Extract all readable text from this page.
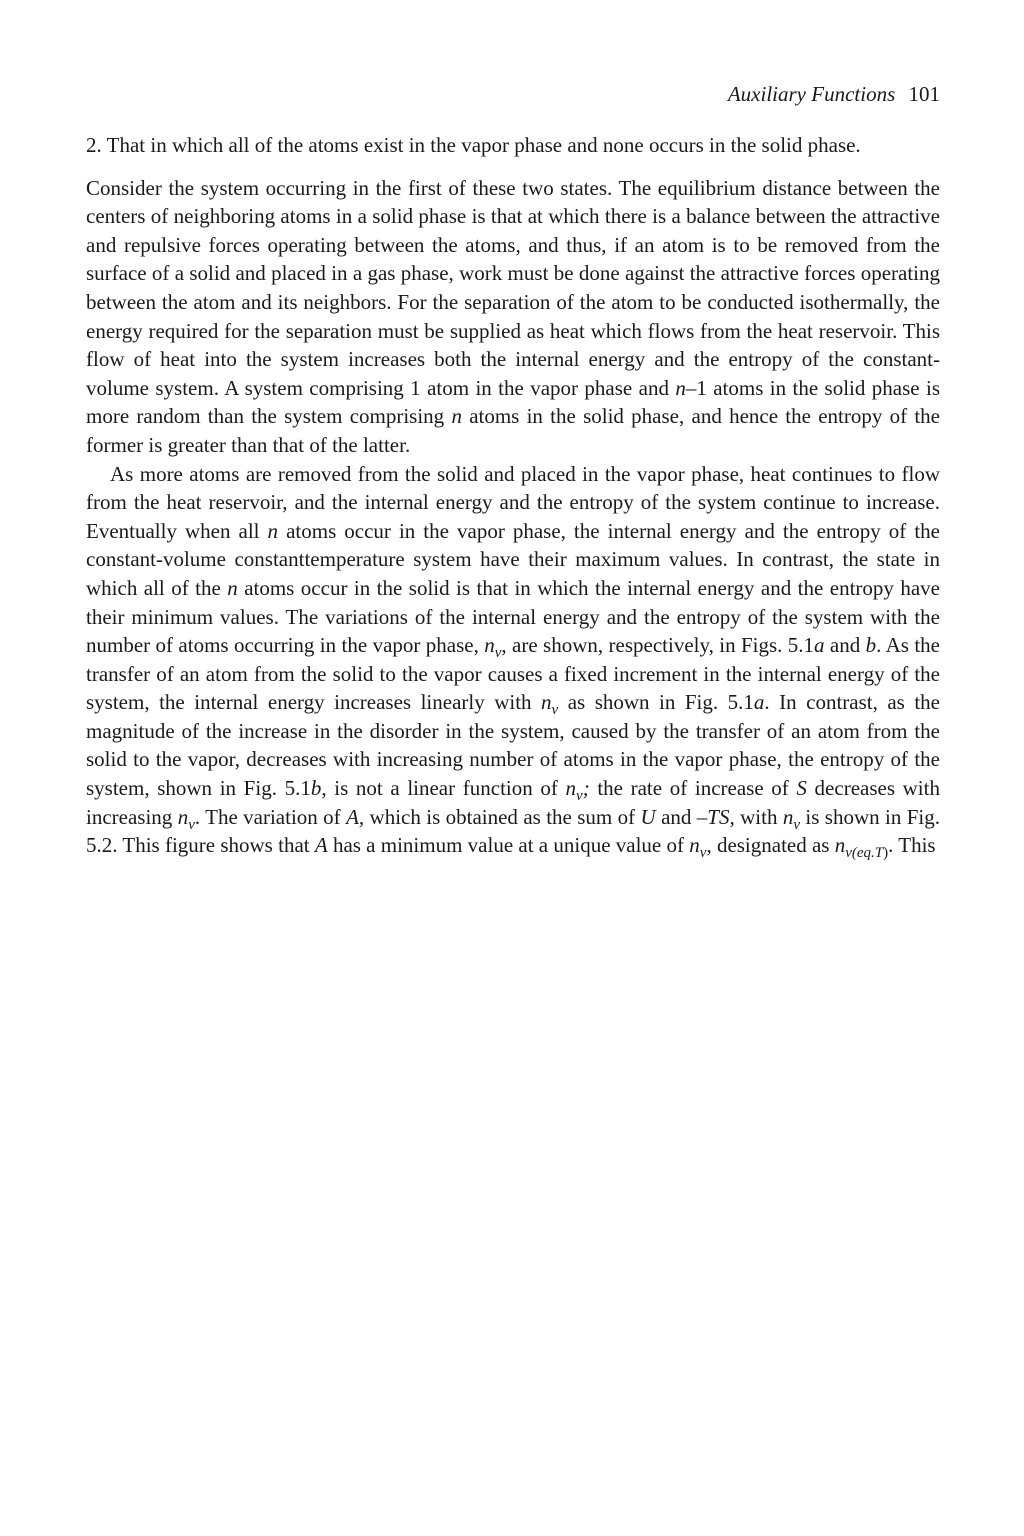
Auxiliary Functions 101

2. That in which all of the atoms exist in the vapor phase and none occurs in the solid phase.

Consider the system occurring in the first of these two states. The equilibrium distance between the centers of neighboring atoms in a solid phase is that at which there is a balance between the attractive and repulsive forces operating between the atoms, and thus, if an atom is to be removed from the surface of a solid and placed in a gas phase, work must be done against the attractive forces operating between the atom and its neighbors. For the separation of the atom to be conducted isothermally, the energy required for the separation must be supplied as heat which flows from the heat reservoir. This flow of heat into the system increases both the internal energy and the entropy of the constant-volume system. A system comprising 1 atom in the vapor phase and n–1 atoms in the solid phase is more random than the system comprising n atoms in the solid phase, and hence the entropy of the former is greater than that of the latter.

As more atoms are removed from the solid and placed in the vapor phase, heat continues to flow from the heat reservoir, and the internal energy and the entropy of the system continue to increase. Eventually when all n atoms occur in the vapor phase, the internal energy and the entropy of the constant-volume constanttemperature system have their maximum values. In contrast, the state in which all of the n atoms occur in the solid is that in which the internal energy and the entropy have their minimum values. The variations of the internal energy and the entropy of the system with the number of atoms occurring in the vapor phase, $n_v$, are shown, respectively, in Figs. 5.1a and b. As the transfer of an atom from the solid to the vapor causes a fixed increment in the internal energy of the system, the internal energy increases linearly with $n_v$ as shown in Fig. 5.1a. In contrast, as the magnitude of the increase in the disorder in the system, caused by the transfer of an atom from the solid to the vapor, decreases with increasing number of atoms in the vapor phase, the entropy of the system, shown in Fig. 5.1b, is not a linear function of $n_v$; the rate of increase of S decreases with increasing $n_v$. The variation of A, which is obtained as the sum of U and –TS, with $n_v$ is shown in Fig. 5.2. This figure shows that A has a minimum value at a unique value of $n_v$, designated as $n_{v(eq.T)}$. This
